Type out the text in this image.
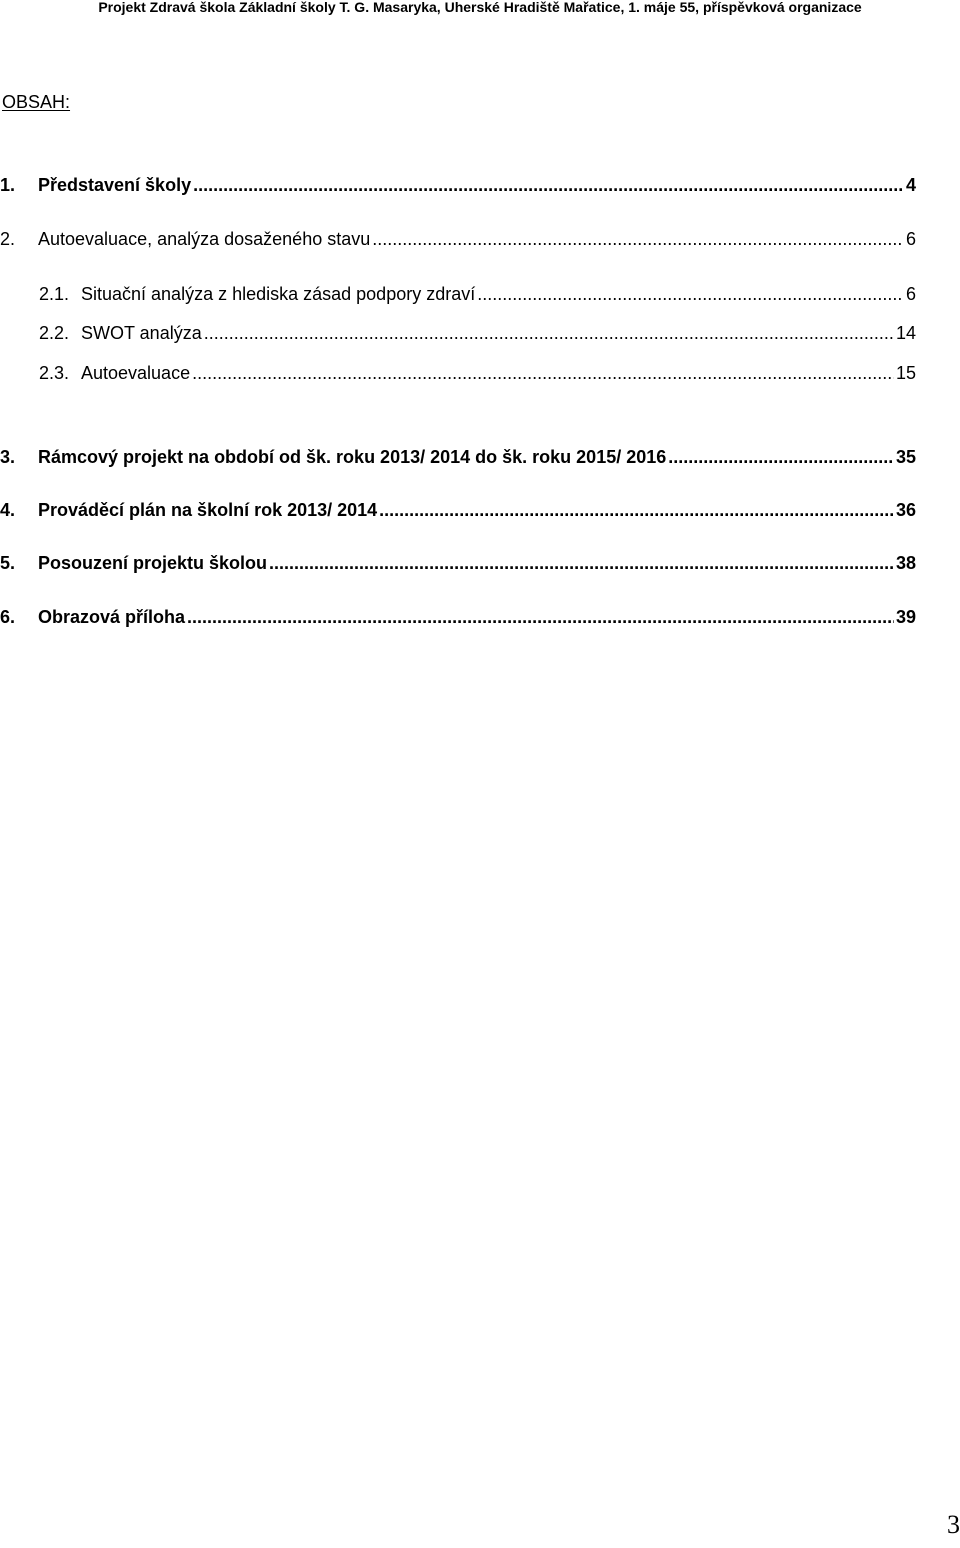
Projekt Zdravá škola Základní školy T. G. Masaryka, Uherské Hradiště Mařatice, 1. máje 55, příspěvková organizace
OBSAH:
1.	Představení školy .....	4
2.	Autoevaluace, analýza dosaženého stavu .....	6
2.1. Situační analýza z hlediska zásad podpory zdraví .....	6
2.2. SWOT analýza .....	14
2.3. Autoevaluace .....	15
3.	Rámcový projekt na období od šk. roku 2013/ 2014 do šk. roku 2015/ 2016 .....	35
4.	Prováděcí plán na školní rok 2013/ 2014 .....	36
5.	Posouzení projektu školou .....	38
6.	Obrazová příloha .....	39
3
